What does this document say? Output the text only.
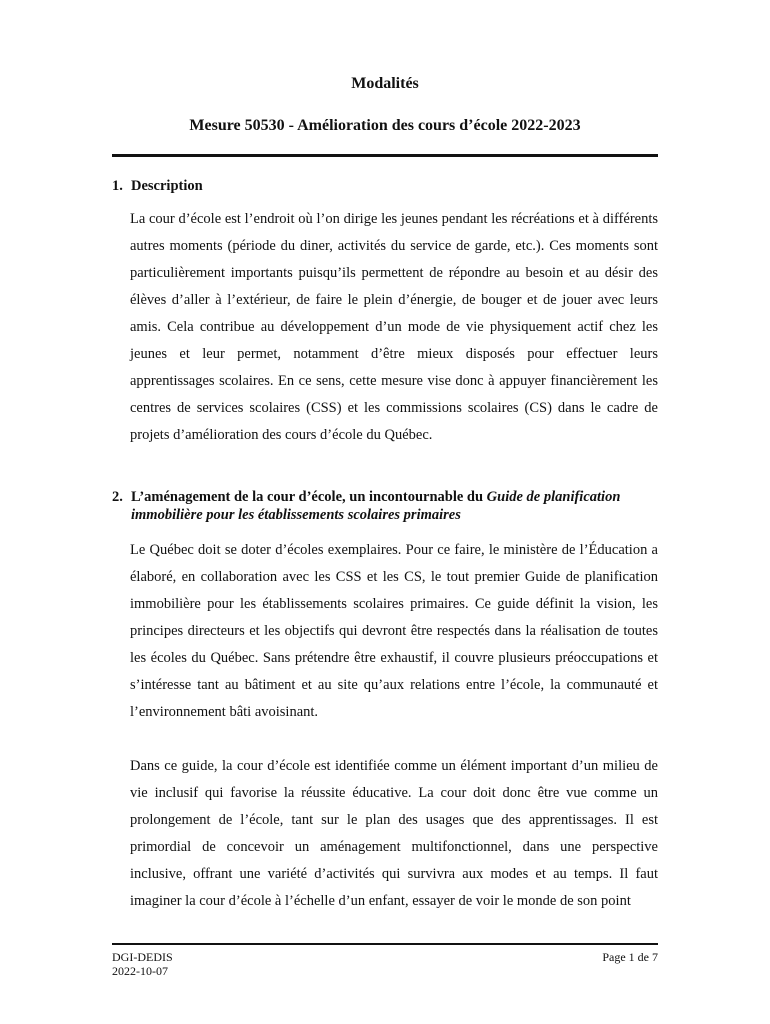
Modalités
Mesure 50530 - Amélioration des cours d’école 2022-2023
1. Description

La cour d’école est l’endroit où l’on dirige les jeunes pendant les récréations et à différents autres moments (période du diner, activités du service de garde, etc.). Ces moments sont particulièrement importants puisqu’ils permettent de répondre au besoin et au désir des élèves d’aller à l’extérieur, de faire le plein d’énergie, de bouger et de jouer avec leurs amis. Cela contribue au développement d’un mode de vie physiquement actif chez les jeunes et leur permet, notamment d’être mieux disposés pour effectuer leurs apprentissages scolaires. En ce sens, cette mesure vise donc à appuyer financièrement les centres de services scolaires (CSS) et les commissions scolaires (CS) dans le cadre de projets d’amélioration des cours d’école du Québec.

2. L’aménagement de la cour d’école, un incontournable du Guide de planification immobilière pour les établissements scolaires primaires

Le Québec doit se doter d’écoles exemplaires. Pour ce faire, le ministère de l’Éducation a élaboré, en collaboration avec les CSS et les CS, le tout premier Guide de planification immobilière pour les établissements scolaires primaires. Ce guide définit la vision, les principes directeurs et les objectifs qui devront être respectés dans la réalisation de toutes les écoles du Québec. Sans prétendre être exhaustif, il couvre plusieurs préoccupations et s’intéresse tant au bâtiment et au site qu’aux relations entre l’école, la communauté et l’environnement bâti avoisinant.

Dans ce guide, la cour d’école est identifiée comme un élément important d’un milieu de vie inclusif qui favorise la réussite éducative. La cour doit donc être vue comme un prolongement de l’école, tant sur le plan des usages que des apprentissages. Il est primordial de concevoir un aménagement multifonctionnel, dans une perspective inclusive, offrant une variété d’activités qui survivra aux modes et au temps. Il faut imaginer la cour d’école à l’échelle d’un enfant, essayer de voir le monde de son point

DGI-DEDIS
2022-10-07
Page 1 de 7
